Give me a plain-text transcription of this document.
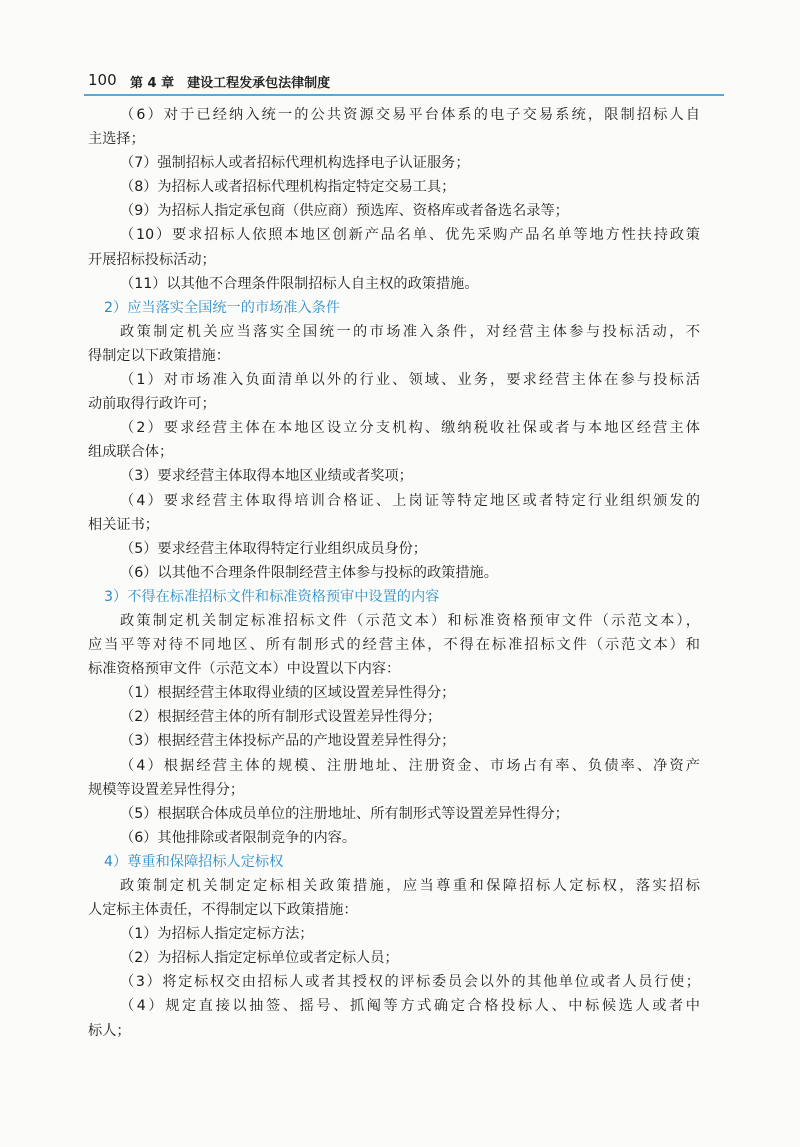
100 第 4 章　建设工程发承包法律制度
（6）对于已经纳入统一的公共资源交易平台体系的电子交易系统，限制招标人自
主选择；
（7）强制招标人或者招标代理机构选择电子认证服务；
（8）为招标人或者招标代理机构指定特定交易工具；
（9）为招标人指定承包商（供应商）预选库、资格库或者备选名录等；
（10）要求招标人依照本地区创新产品名单、优先采购产品名单等地方性扶持政策
开展招标投标活动；
（11）以其他不合理条件限制招标人自主权的政策措施。
2）应当落实全国统一的市场准入条件
政策制定机关应当落实全国统一的市场准入条件，对经营主体参与投标活动，不
得制定以下政策措施：
（1）对市场准入负面清单以外的行业、领域、业务，要求经营主体在参与投标活
动前取得行政许可；
（2）要求经营主体在本地区设立分支机构、缴纳税收社保或者与本地区经营主体
组成联合体；
（3）要求经营主体取得本地区业绩或者奖项；
（4）要求经营主体取得培训合格证、上岗证等特定地区或者特定行业组织颁发的
相关证书；
（5）要求经营主体取得特定行业组织成员身份；
（6）以其他不合理条件限制经营主体参与投标的政策措施。
3）不得在标准招标文件和标准资格预审中设置的内容
政策制定机关制定标准招标文件（示范文本）和标准资格预审文件（示范文本），
应当平等对待不同地区、所有制形式的经营主体，不得在标准招标文件（示范文本）和
标准资格预审文件（示范文本）中设置以下内容：
（1）根据经营主体取得业绩的区域设置差异性得分；
（2）根据经营主体的所有制形式设置差异性得分；
（3）根据经营主体投标产品的产地设置差异性得分；
（4）根据经营主体的规模、注册地址、注册资金、市场占有率、负债率、净资产
规模等设置差异性得分；
（5）根据联合体成员单位的注册地址、所有制形式等设置差异性得分；
（6）其他排除或者限制竞争的内容。
4）尊重和保障招标人定标权
政策制定机关制定定标相关政策措施，应当尊重和保障招标人定标权，落实招标
人定标主体责任，不得制定以下政策措施：
（1）为招标人指定定标方法；
（2）为招标人指定定标单位或者定标人员；
（3）将定标权交由招标人或者其授权的评标委员会以外的其他单位或者人员行使；
（4）规定直接以抽签、摇号、抓阄等方式确定合格投标人、中标候选人或者中
标人；
